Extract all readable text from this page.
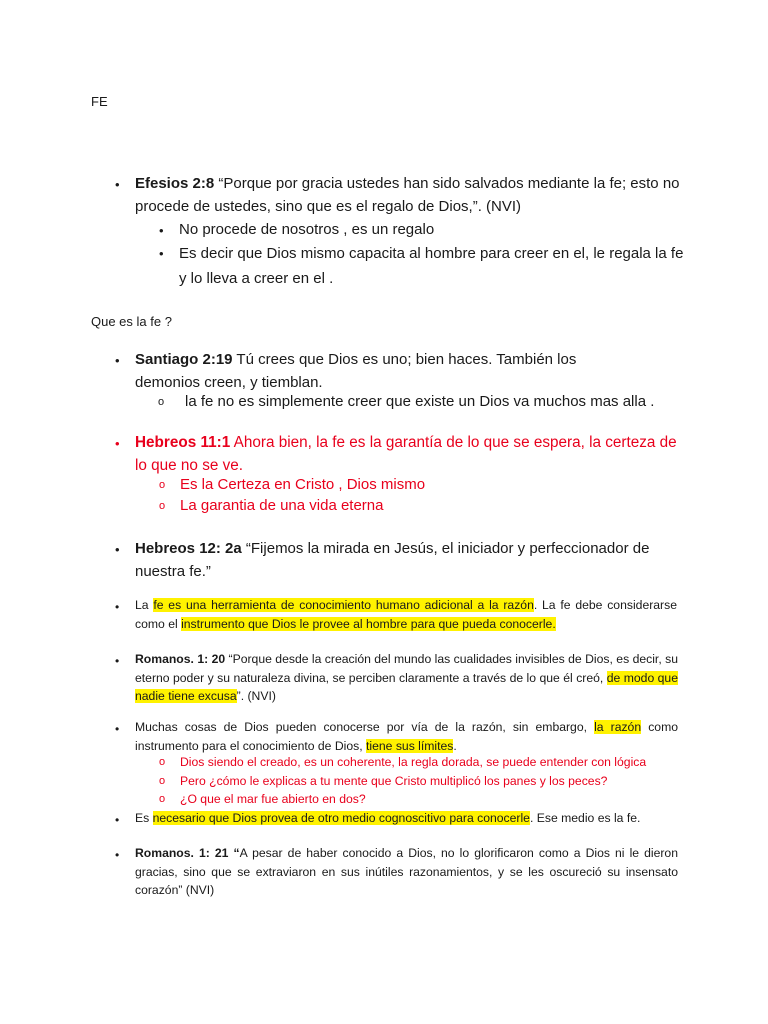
FE
• Efesios 2:8 “Porque por gracia ustedes han sido salvados mediante la fe; esto no procede de ustedes, sino que es el regalo de Dios,”. (NVI)
• No procede de nosotros , es un regalo
• Es decir que Dios mismo capacita al hombre para creer en el, le regala la fe y lo lleva a creer en el .
Que es la fe ?
• Santiago 2:19 Tú crees que Dios es uno; bien haces. También los demonios creen, y tiemblan.
o la fe no es simplemente creer que existe un Dios va muchos mas alla .
• Hebreos 11:1 Ahora bien, la fe es la garantía de lo que se espera, la certeza de lo que no se ve.
o Es la Certeza en Cristo , Dios mismo
o La garantia de una vida eterna
• Hebreos 12: 2a “Fijemos la mirada en Jesús, el iniciador y perfeccionador de nuestra fe.”
• La fe es una herramienta de conocimiento humano adicional a la razón. La fe debe considerarse como el instrumento que Dios le provee al hombre para que pueda conocerle.
• Romanos. 1: 20 “Porque desde la creación del mundo las cualidades invisibles de Dios, es decir, su eterno poder y su naturaleza divina, se perciben claramente a través de lo que él creó, de modo que nadie tiene excusa”. (NVI)
• Muchas cosas de Dios pueden conocerse por vía de la razón, sin embargo, la razón como instrumento para el conocimiento de Dios, tiene sus límites.
o Dios siendo el creado, es un coherente, la regla dorada, se puede entender con lógica
o Pero ¿cómo le explicas a tu mente que Cristo multiplicó los panes y los peces?
o ¿O que el mar fue abierto en dos?
• Es necesario que Dios provea de otro medio cognoscitivo para conocerle. Ese medio es la fe.
• Romanos. 1: 21 “A pesar de haber conocido a Dios, no lo glorificaron como a Dios ni le dieron gracias, sino que se extraviaron en sus inútiles razonamientos, y se les oscureció su insensato corazón” (NVI)
